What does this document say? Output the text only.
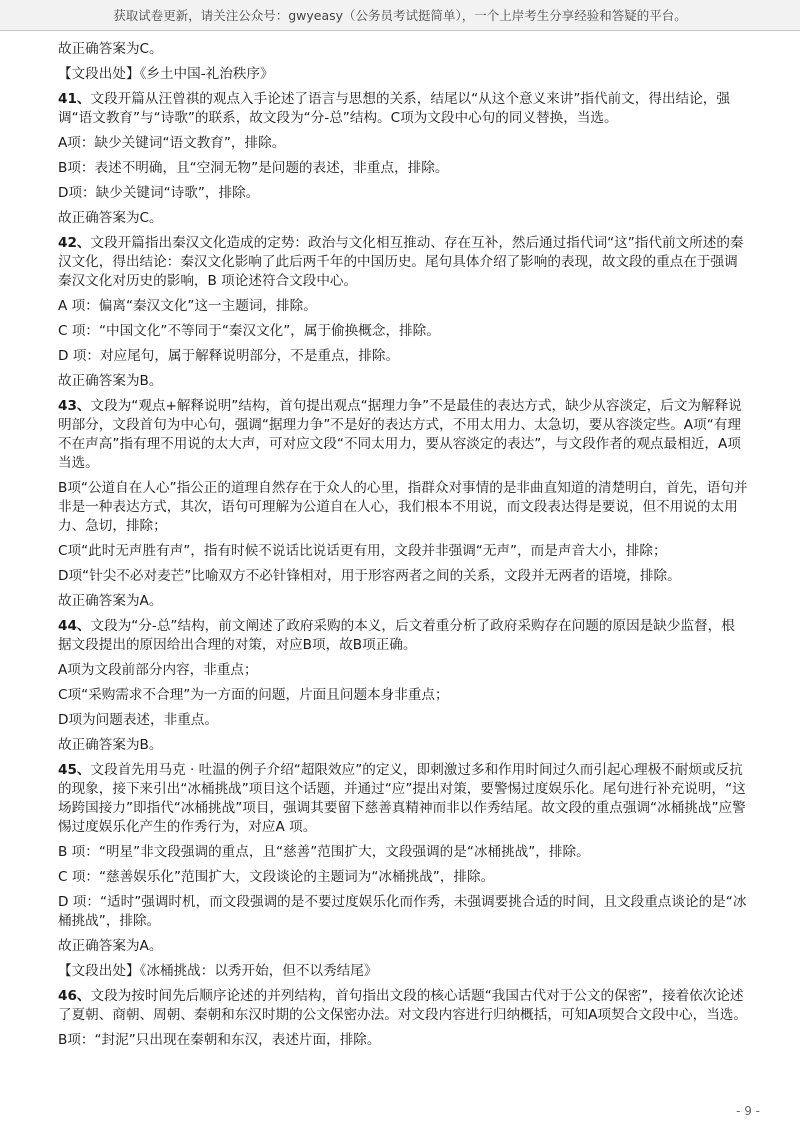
获取试卷更新，请关注公众号：gwyeasy（公务员考试挺简单），一个上岸考生分享经验和答疑的平台。

故正确答案为C。

【文段出处】《乡土中国-礼治秩序》

41、文段开篇从汪曾祺的观点入手论述了语言与思想的关系，结尾以“从这个意义来讲”指代前文，得出结论，强调“语文教育”与“诗歌”的联系，故文段为“分-总”结构。C项为文段中心句的同义替换，当选。

A项：缺少关键词“语文教育”，排除。

B项：表述不明确，且“空洞无物”是问题的表述，非重点，排除。

D项：缺少关键词“诗歌”，排除。

故正确答案为C。

42、文段开篇指出秦汉文化造成的定势：政治与文化相互推动、存在互补，然后通过指代词“这”指代前文所述的秦汉文化，得出结论：秦汉文化影响了此后两千年的中国历史。尾句具体介绍了影响的表现，故文段的重点在于强调秦汉文化对历史的影响，B 项论述符合文段中心。

A 项：偏离“秦汉文化”这一主题词，排除。

C 项：“中国文化”不等同于“秦汉文化”，属于偷换概念，排除。

D 项：对应尾句，属于解释说明部分，不是重点，排除。

故正确答案为B。

43、文段为“观点+解释说明”结构，首句提出观点“据理力争”不是最佳的表达方式，缺少从容淡定，后文为解释说明部分，文段首句为中心句，强调“据理力争”不是好的表达方式，不用太用力、太急切，要从容淡定些。A项“有理不在声高”指有理不用说的太大声，可对应文段“不同太用力，要从容淡定的表达”，与文段作者的观点最相近，A项当选。

B项“公道自在人心”指公正的道理自然存在于众人的心里，指群众对事情的是非曲直知道的清楚明白，首先，语句并非是一种表达方式，其次，语句可理解为公道自在人心，我们根本不用说，而文段表达得是要说，但不用说的太用力、急切，排除；

C项“此时无声胜有声”，指有时候不说话比说话更有用，文段并非强调“无声”，而是声音大小，排除；

D项“针尖不必对麦芒”比喻双方不必针锋相对，用于形容两者之间的关系，文段并无两者的语境，排除。

故正确答案为A。

44、文段为“分-总”结构，前文阐述了政府采购的本义，后文着重分析了政府采购存在问题的原因是缺少监督，根据文段提出的原因给出合理的对策，对应B项，故B项正确。

A项为文段前部分内容，非重点；

C项“采购需求不合理”为一方面的问题，片面且问题本身非重点；

D项为问题表述，非重点。

故正确答案为B。

45、文段首先用马克 · 吐温的例子介绍“超限效应”的定义，即刺激过多和作用时间过久而引起心理极不耐烦或反抗的现象，接下来引出“冰桶挑战”项目这个话题，并通过“应”提出对策，要警惕过度娱乐化。尾句进行补充说明，“这场跨国接力”即指代“冰桶挑战”项目，强调其要留下慈善真精神而非以作秀结尾。故文段的重点强调“冰桶挑战”应警惕过度娱乐化产生的作秀行为，对应A 项。

B 项：“明星”非文段强调的重点，且“慈善”范围扩大，文段强调的是“冰桶挑战”，排除。

C 项：“慈善娱乐化”范围扩大，文段谈论的主题词为“冰桶挑战”，排除。

D 项：“适时”强调时机，而文段强调的是不要过度娱乐化而作秀，未强调要挑合适的时间，且文段重点谈论的是“冰桶挑战”，排除。

故正确答案为A。

【文段出处】《冰桶挑战：以秀开始，但不以秀结尾》

46、文段为按时间先后顺序论述的并列结构，首句指出文段的核心话题“我国古代对于公文的保密”，接着依次论述了夏朝、商朝、周朝、秦朝和东汉时期的公文保密办法。对文段内容进行归纳概括，可知A项契合文段中心，当选。

B项：“封泥”只出现在秦朝和东汉，表述片面，排除。

- 9 -
